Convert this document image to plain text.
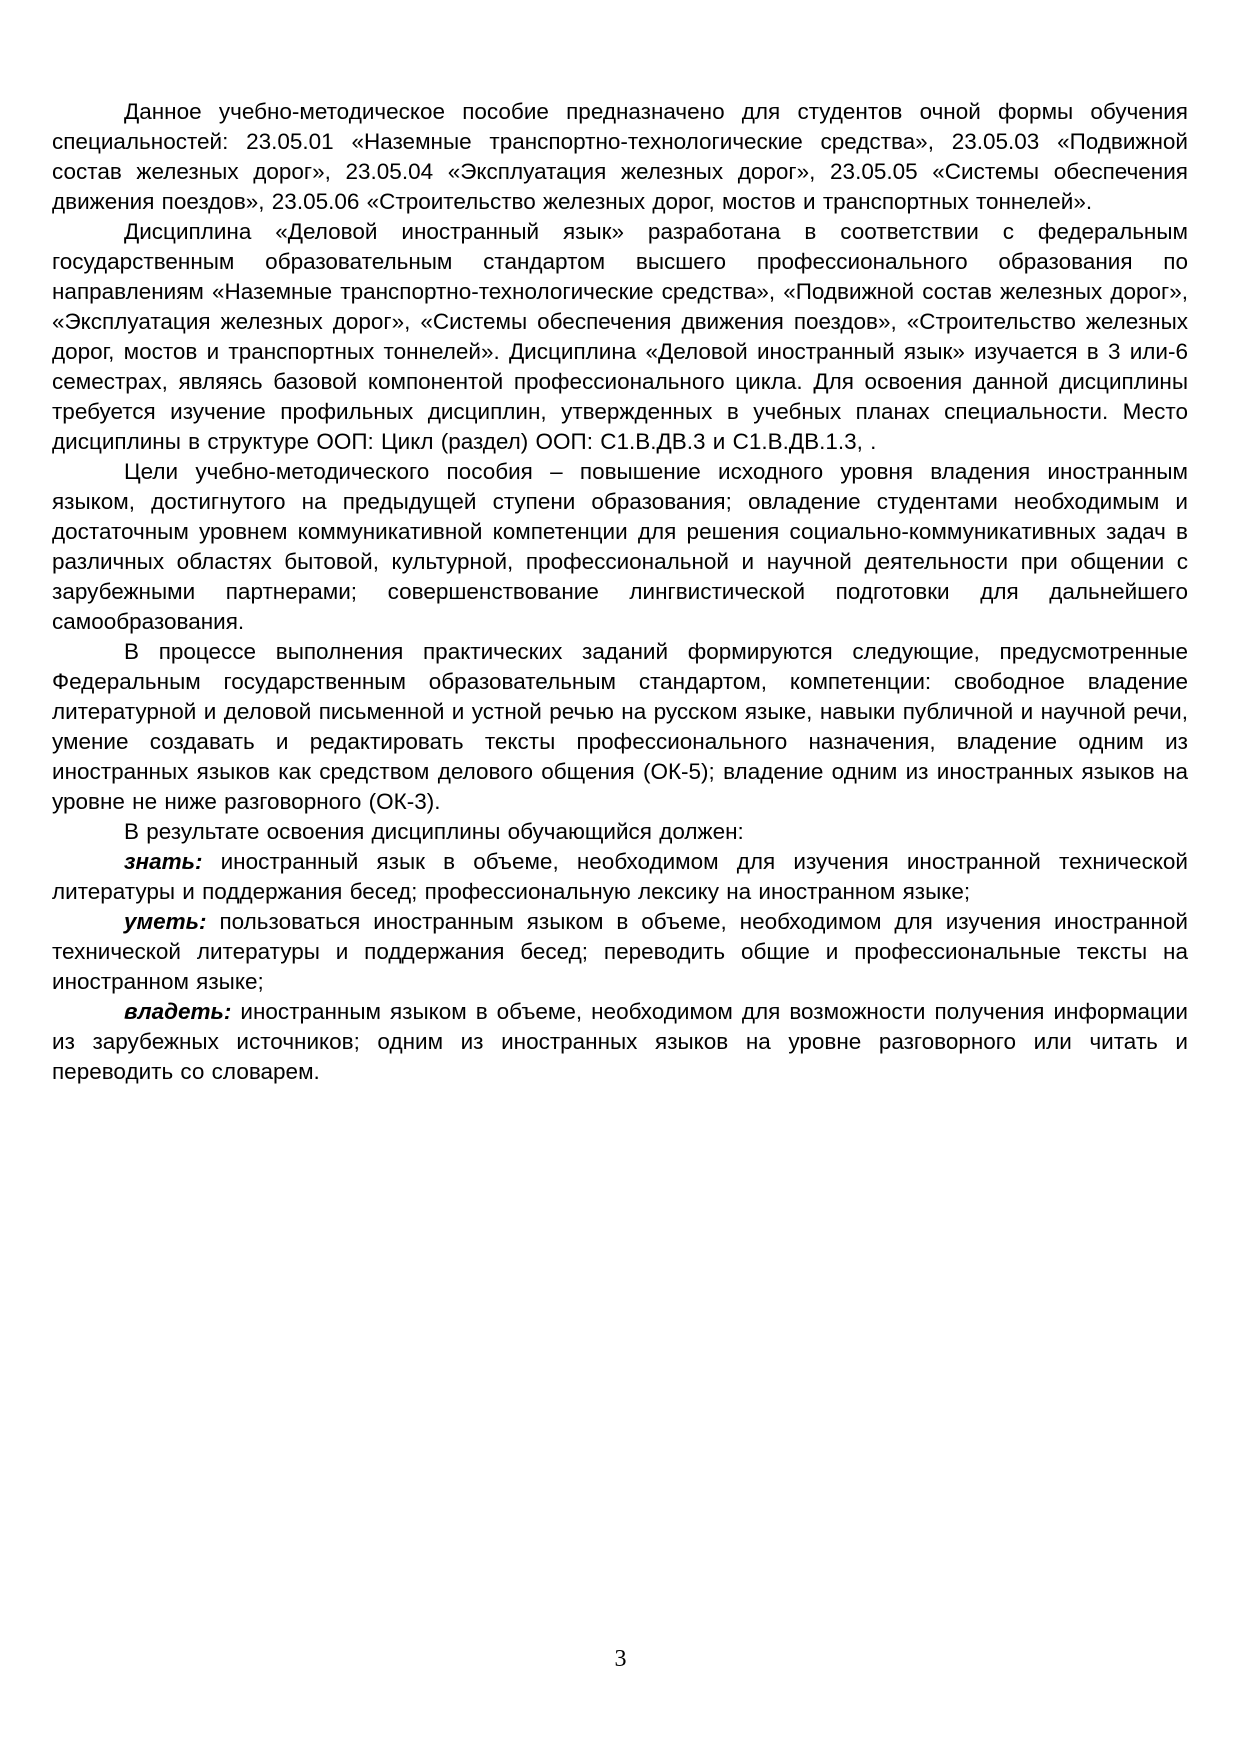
Данное учебно-методическое пособие предназначено для студентов очной формы обучения специальностей: 23.05.01 «Наземные транспортно-технологические средства», 23.05.03 «Подвижной состав железных дорог», 23.05.04 «Эксплуатация железных дорог», 23.05.05 «Системы обеспечения движения поездов», 23.05.06 «Строительство железных дорог, мостов и транспортных тоннелей».

Дисциплина «Деловой иностранный язык» разработана в соответствии с федеральным государственным образовательным стандартом высшего профессионального образования по направлениям «Наземные транспортно-технологические средства», «Подвижной состав железных дорог», «Эксплуатация железных дорог», «Системы обеспечения движения поездов», «Строительство железных дорог, мостов и транспортных тоннелей». Дисциплина «Деловой иностранный язык» изучается в 3 или-6 семестрах, являясь базовой компонентой профессионального цикла. Для освоения данной дисциплины требуется изучение профильных дисциплин, утвержденных в учебных планах специальности. Место дисциплины в структуре ООП: Цикл (раздел) ООП: С1.В.ДВ.3 и С1.В.ДВ.1.3, .

Цели учебно-методического пособия – повышение исходного уровня владения иностранным языком, достигнутого на предыдущей ступени образования; овладение студентами необходимым и достаточным уровнем коммуникативной компетенции для решения социально-коммуникативных задач в различных областях бытовой, культурной, профессиональной и научной деятельности при общении с зарубежными партнерами; совершенствование лингвистической подготовки для дальнейшего самообразования.

В процессе выполнения практических заданий формируются следующие, предусмотренные Федеральным государственным образовательным стандартом, компетенции: свободное владение литературной и деловой письменной и устной речью на русском языке, навыки публичной и научной речи, умение создавать и редактировать тексты профессионального назначения, владение одним из иностранных языков как средством делового общения (ОК-5); владение одним из иностранных языков на уровне не ниже разговорного (ОК-3).

В результате освоения дисциплины обучающийся должен:

знать: иностранный язык в объеме, необходимом для изучения иностранной технической литературы и поддержания бесед; профессиональную лексику на иностранном языке;

уметь: пользоваться иностранным языком в объеме, необходимом для изучения иностранной технической литературы и поддержания бесед; переводить общие и профессиональные тексты на иностранном языке;

владеть: иностранным языком в объеме, необходимом для возможности получения информации из зарубежных источников; одним из иностранных языков на уровне разговорного или читать и переводить со словарем.

3
